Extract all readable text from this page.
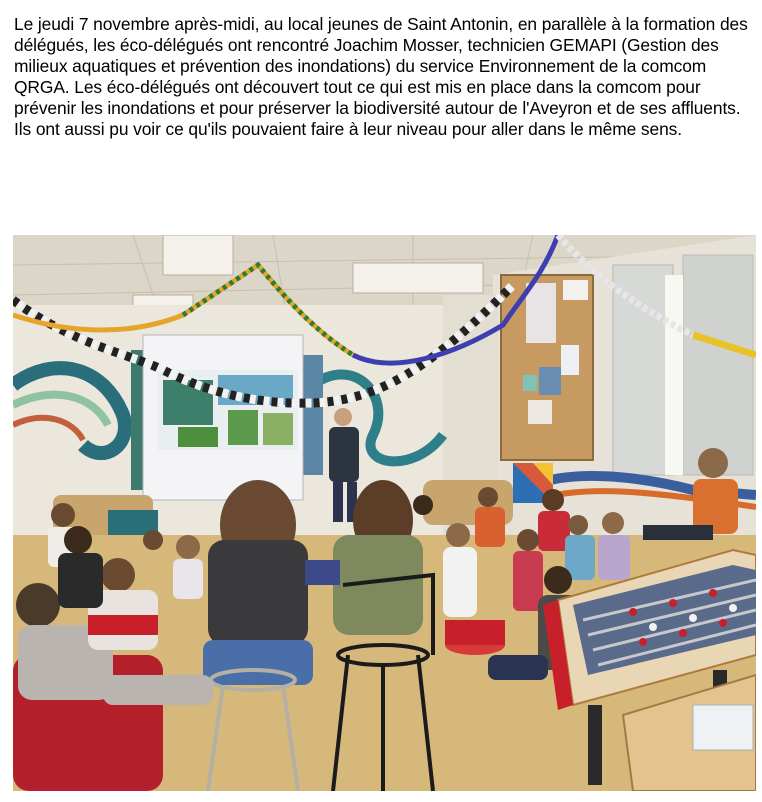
Le jeudi 7 novembre après-midi, au local jeunes de Saint Antonin, en parallèle à la formation des délégués, les éco-délégués ont rencontré Joachim Mosser, technicien GEMAPI (Gestion des milieux aquatiques et prévention des inondations) du service Environnement de la comcom QRGA. Les éco-délégués ont découvert tout ce qui est mis en place dans la comcom pour prévenir les inondations et pour préserver la biodiversité autour de l'Aveyron et de ses affluents. Ils ont aussi pu voir ce qu'ils pouvaient faire à leur niveau pour aller dans le même sens.
